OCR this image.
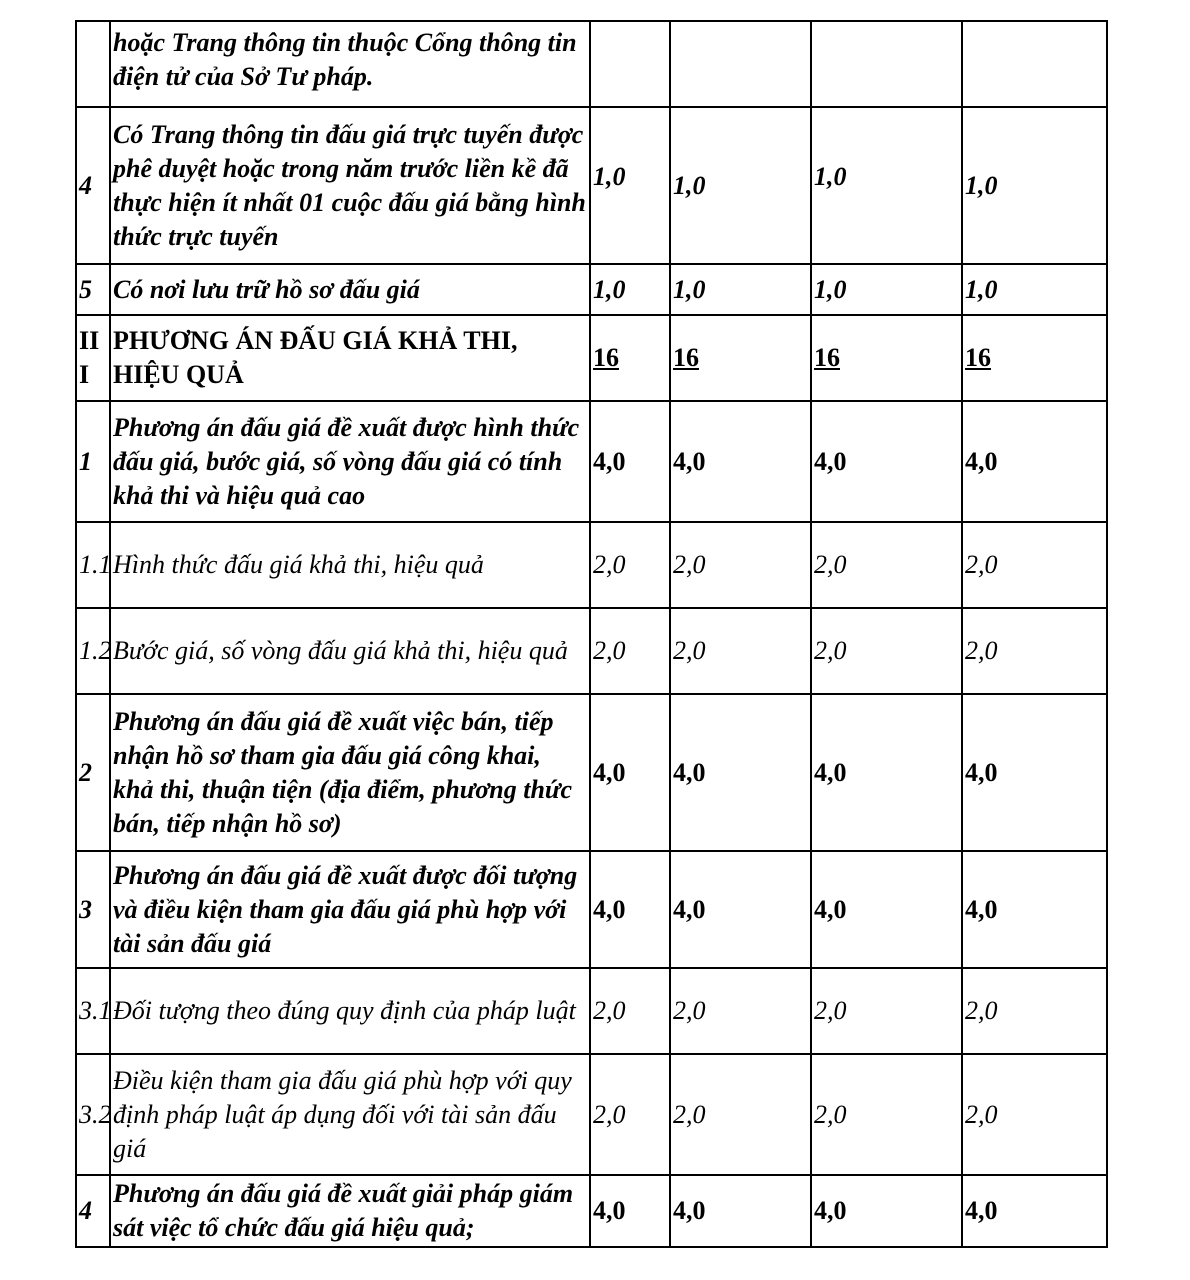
	hoặc Trang thông tin thuộc Cổng thông tin điện tử của Sở Tư pháp.				
4	Có Trang thông tin đấu giá trực tuyến được phê duyệt hoặc trong năm trước liền kề đã thực hiện ít nhất 01 cuộc đấu giá bằng hình thức trực tuyến	1,0	1,0	1,0	1,0
5	Có nơi lưu trữ hồ sơ đấu giá	1,0	1,0	1,0	1,0
III	PHƯƠNG ÁN ĐẤU GIÁ KHẢ THI, HIỆU QUẢ	16	16	16	16
1	Phương án đấu giá đề xuất được hình thức đấu giá, bước giá, số vòng đấu giá có tính khả thi và hiệu quả cao	4,0	4,0	4,0	4,0
1.1	Hình thức đấu giá khả thi, hiệu quả	2,0	2,0	2,0	2,0
1.2	Bước giá, số vòng đấu giá khả thi, hiệu quả	2,0	2,0	2,0	2,0
2	Phương án đấu giá đề xuất việc bán, tiếp nhận hồ sơ tham gia đấu giá công khai, khả thi, thuận tiện (địa điểm, phương thức bán, tiếp nhận hồ sơ)	4,0	4,0	4,0	4,0
3	Phương án đấu giá đề xuất được đối tượng và điều kiện tham gia đấu giá phù hợp với tài sản đấu giá	4,0	4,0	4,0	4,0
3.1	Đối tượng theo đúng quy định của pháp luật	2,0	2,0	2,0	2,0
3.2	Điều kiện tham gia đấu giá phù hợp với quy định pháp luật áp dụng đối với tài sản đấu giá	2,0	2,0	2,0	2,0
4	Phương án đấu giá đề xuất giải pháp giám sát việc tổ chức đấu giá hiệu quả;	4,0	4,0	4,0	4,0
